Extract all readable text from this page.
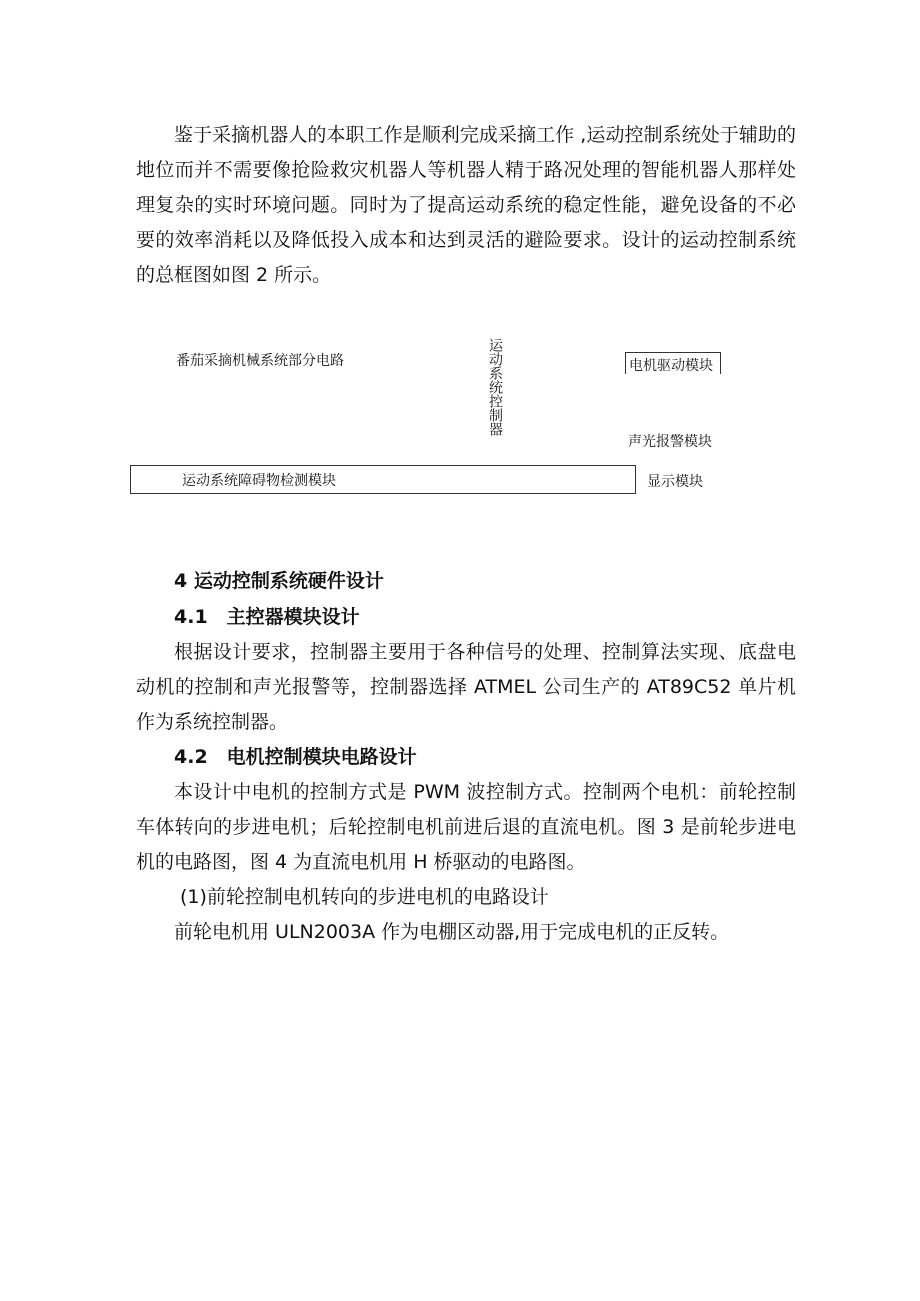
鉴于采摘机器人的本职工作是顺利完成采摘工作 ,运动控制系统处于辅助的地位而并不需要像抢险救灾机器人等机器人精于路况处理的智能机器人那样处理复杂的实时环境问题。同时为了提高运动系统的稳定性能，避免设备的不必要的效率消耗以及降低投入成本和达到灵活的避险要求。设计的运动控制系统的总框图如图 2 所示。

番茄采摘机械系统部分电路	运动系统控制器	电机驱动模块
声光报警模块
运动系统障碍物检测模块	显示模块
4 运动控制系统硬件设计
4.1　主控器模块设计

根据设计要求，控制器主要用于各种信号的处理、控制算法实现、底盘电动机的控制和声光报警等，控制器选择 ATMEL 公司生产的 AT89C52 单片机作为系统控制器。

4.2　电机控制模块电路设计

本设计中电机的控制方式是 PWM 波控制方式。控制两个电机：前轮控制车体转向的步进电机；后轮控制电机前进后退的直流电机。图 3 是前轮步进电机的电路图，图 4 为直流电机用 H 桥驱动的电路图。

(1)前轮控制电机转向的步进电机的电路设计

前轮电机用 ULN2003A 作为电棚区动器,用于完成电机的正反转。
